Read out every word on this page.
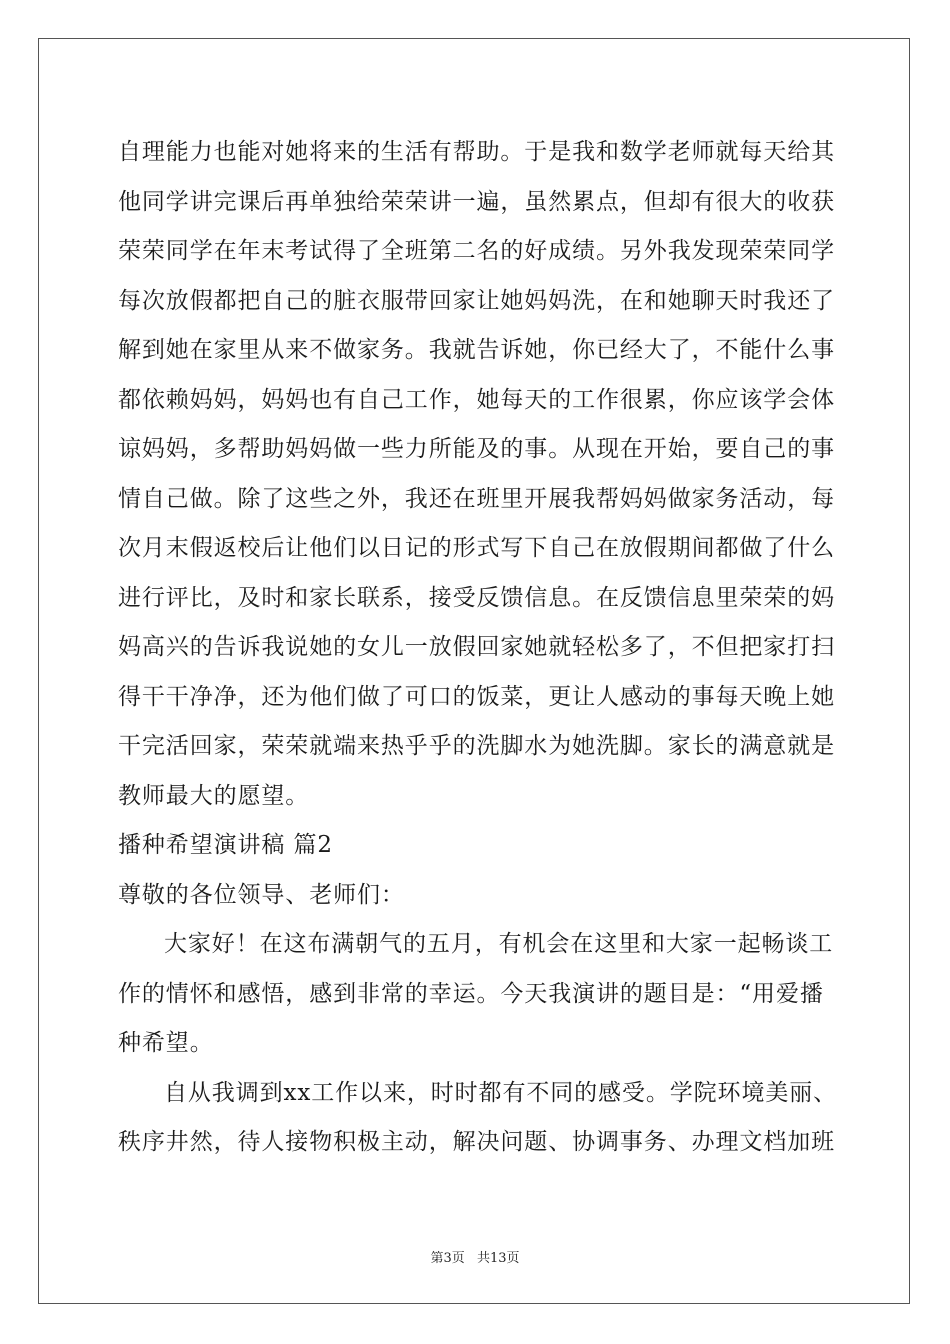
自理能力也能对她将来的生活有帮助。于是我和数学老师就每天给其
他同学讲完课后再单独给荣荣讲一遍，虽然累点，但却有很大的收获
荣荣同学在年末考试得了全班第二名的好成绩。另外我发现荣荣同学
每次放假都把自己的脏衣服带回家让她妈妈洗，在和她聊天时我还了
解到她在家里从来不做家务。我就告诉她，你已经大了，不能什么事
都依赖妈妈，妈妈也有自己工作，她每天的工作很累，你应该学会体
谅妈妈，多帮助妈妈做一些力所能及的事。从现在开始，要自己的事
情自己做。除了这些之外，我还在班里开展我帮妈妈做家务活动，每
次月末假返校后让他们以日记的形式写下自己在放假期间都做了什么
进行评比，及时和家长联系，接受反馈信息。在反馈信息里荣荣的妈
妈高兴的告诉我说她的女儿一放假回家她就轻松多了，不但把家打扫
得干干净净，还为他们做了可口的饭菜，更让人感动的事每天晚上她
干完活回家，荣荣就端来热乎乎的洗脚水为她洗脚。家长的满意就是
教师最大的愿望。
播种希望演讲稿 篇2
尊敬的各位领导、老师们：
大家好！在这布满朝气的五月，有机会在这里和大家一起畅谈工
作的情怀和感悟，感到非常的幸运。今天我演讲的题目是：“用爱播
种希望。
自从我调到xx工作以来，时时都有不同的感受。学院环境美丽、
秩序井然，待人接物积极主动，解决问题、协调事务、办理文档加班
第3页 共13页
